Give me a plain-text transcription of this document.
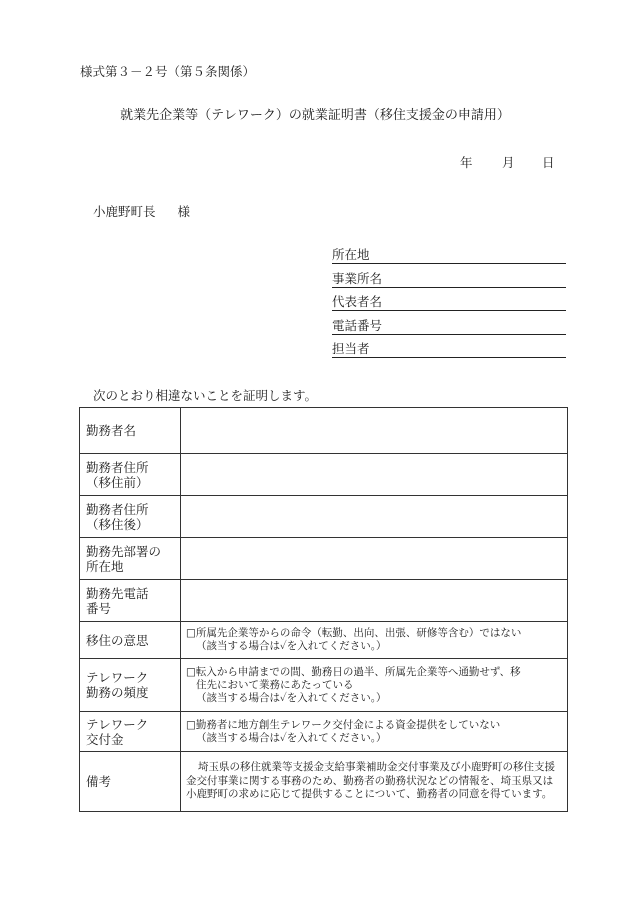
様式第３－２号（第５条関係）
就業先企業等（テレワーク）の就業証明書（移住支援金の申請用）
年 月 日
小鹿野町長 様
所在地
事業所名
代表者名
電話番号
担当者
次のとおり相違ないことを証明します。
勤務者名	

勤務者住所
（移住前）	

勤務者住所
（移住後）	

勤務先部署の
所在地	

勤務先電話
番号	

移住の意思	□所属先企業等からの命令（転勤、出向、出張、研修等含む）ではない
（該当する場合は✓を入れてください。）

テレワーク
勤務の頻度	□転入から申請までの間、勤務日の過半、所属先企業等へ通勤せず、移
住先において業務にあたっている
（該当する場合は✓を入れてください。）

テレワーク
交付金	□勤務者に地方創生テレワーク交付金による資金提供をしていない
（該当する場合は✓を入れてください。）

備考	埼玉県の移住就業等支援金支給事業補助金交付事業及び小鹿野町の移住支援金交付事業に関する事務のため、勤務者の勤務状況などの情報を、埼玉県又は小鹿野町の求めに応じて提供することについて、勤務者の同意を得ています。
